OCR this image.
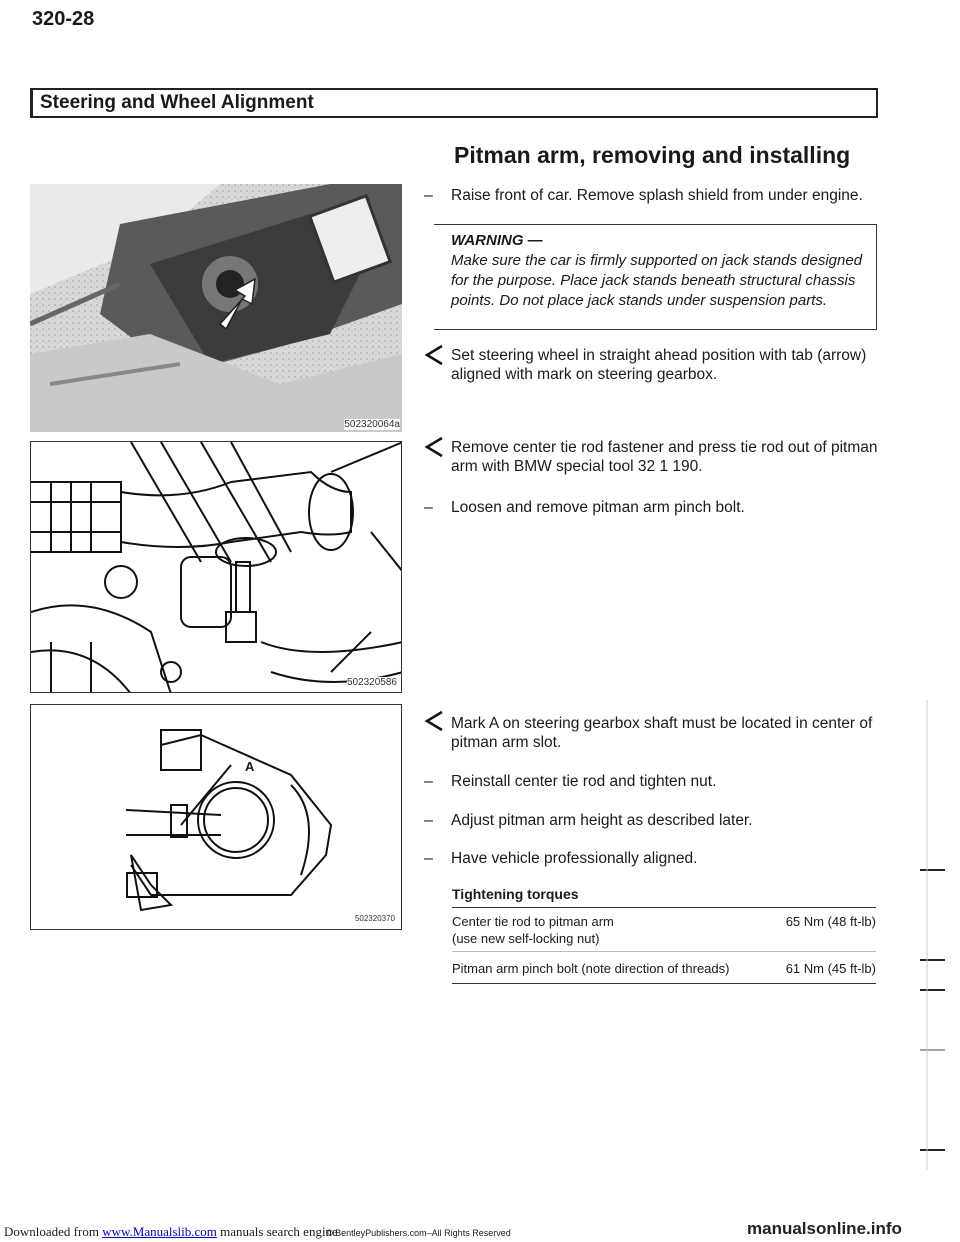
320-28
Steering and Wheel Alignment
Pitman arm, removing and installing
502320064a
502320586
A
502320370
– Raise front of car. Remove splash shield from under engine.
WARNING —
Make sure the car is firmly supported on jack stands designed for the purpose. Place jack stands beneath structural chassis points. Do not place jack stands under suspension parts.
Set steering wheel in straight ahead position with tab (arrow) aligned with mark on steering gearbox.
Remove center tie rod fastener and press tie rod out of pitman arm with BMW special tool 32 1 190.
– Loosen and remove pitman arm pinch bolt.
Mark A on steering gearbox shaft must be located in center of pitman arm slot.
– Reinstall center tie rod and tighten nut.
– Adjust pitman arm height as described later.
– Have vehicle professionally aligned.
Tightening torques
Center tie rod to pitman arm	65 Nm (48 ft-lb)
(use new self-locking nut)
Pitman arm pinch bolt (note direction of threads)	61 Nm (45 ft-lb)
Downloaded from www.Manualslib.com manuals search engine
© BentleyPublishers.com–All Rights Reserved	manualsonline.info
